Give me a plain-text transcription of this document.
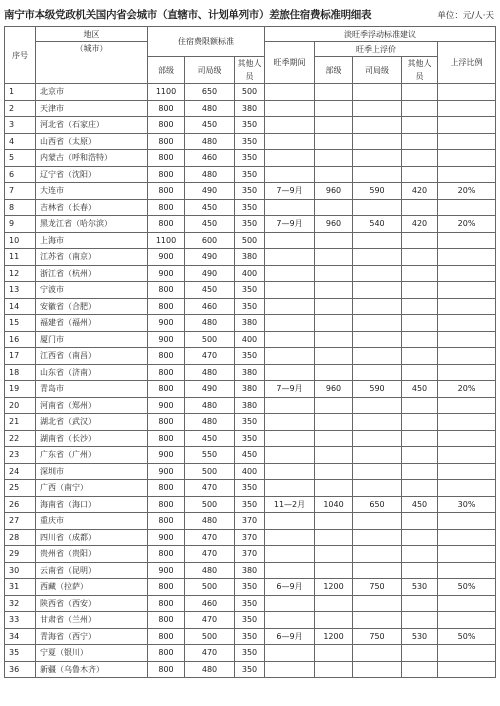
南宁市本级党政机关国内省会城市（直辖市、计划单列市）差旅住宿费标准明细表	单位：元/人·天
序号	地区	住宿费限额标准			淡旺季浮动标准建议				
	（城市）				旺季期间	旺季上浮价			上浮比例
						部级	司局级	其他人员	
		部级	司局级	其他人员					
1	北京市	1100	650	500					
2	天津市	800	480	380					
3	河北省（石家庄）	800	450	350					
4	山西省（太原）	800	480	350					
5	内蒙古（呼和浩特）	800	460	350					
6	辽宁省（沈阳）	800	480	350					
7	大连市	800	490	350	7—9月	960	590	420	20%
8	吉林省（长春）	800	450	350					
9	黑龙江省（哈尔滨）	800	450	350	7—9月	960	540	420	20%
10	上海市	1100	600	500					
11	江苏省（南京）	900	490	380					
12	浙江省（杭州）	900	490	400					
13	宁波市	800	450	350					
14	安徽省（合肥）	800	460	350					
15	福建省（福州）	900	480	380					
16	厦门市	900	500	400					
17	江西省（南昌）	800	470	350					
18	山东省（济南）	800	480	380					
19	青岛市	800	490	380	7—9月	960	590	450	20%
20	河南省（郑州）	900	480	380					
21	湖北省（武汉）	800	480	350					
22	湖南省（长沙）	800	450	350					
23	广东省（广州）	900	550	450					
24	深圳市	900	500	400					
25	广西（南宁）	800	470	350					
26	海南省（海口）	800	500	350	11—2月	1040	650	450	30%
27	重庆市	800	480	370					
28	四川省（成都）	900	470	370					
29	贵州省（贵阳）	800	470	370					
30	云南省（昆明）	900	480	380					
31	西藏（拉萨）	800	500	350	6—9月	1200	750	530	50%
32	陕西省（西安）	800	460	350					
33	甘肃省（兰州）	800	470	350					
34	青海省（西宁）	800	500	350	6—9月	1200	750	530	50%
35	宁夏（银川）	800	470	350					
36	新疆（乌鲁木齐）	800	480	350					
